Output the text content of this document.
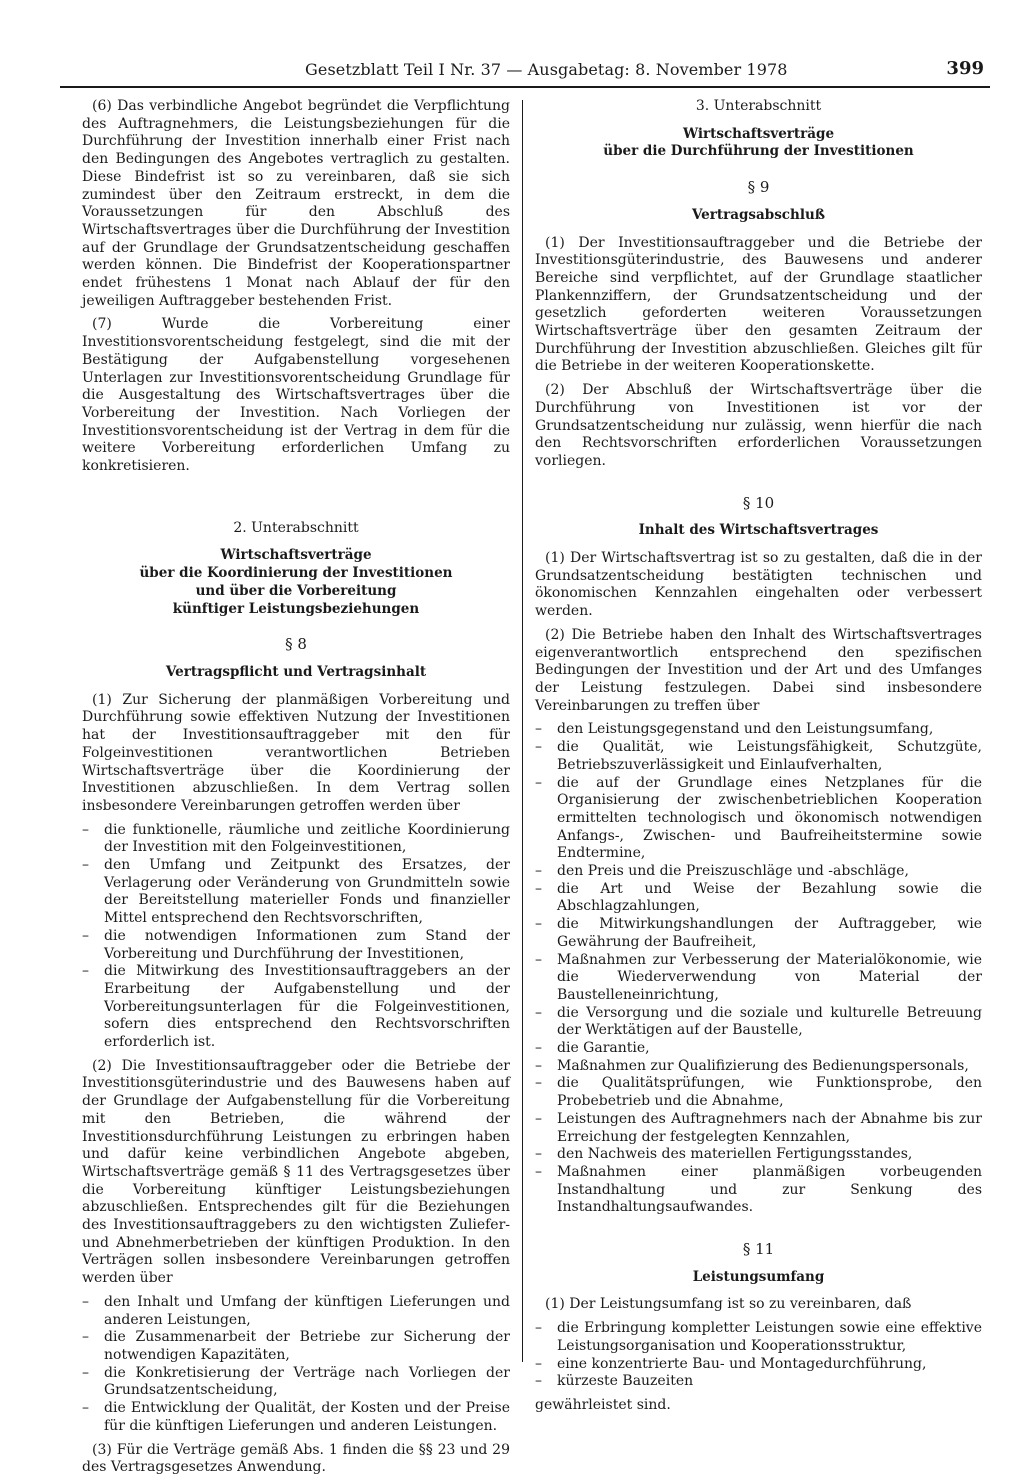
Gesetzblatt Teil I Nr. 37 — Ausgabetag: 8. November 1978	399

(6) Das verbindliche Angebot begründet die Verpflichtung des Auftragnehmers, die Leistungsbeziehungen für die Durchführung der Investition innerhalb einer Frist nach den Bedingungen des Angebotes vertraglich zu gestalten. Diese Bindefrist ist so zu vereinbaren, daß sie sich zumindest über den Zeitraum erstreckt, in dem die Voraussetzungen für den Abschluß des Wirtschaftsvertrages über die Durchführung der Investition auf der Grundlage der Grundsatzentscheidung geschaffen werden können. Die Bindefrist der Kooperationspartner endet frühestens 1 Monat nach Ablauf der für den jeweiligen Auftraggeber bestehenden Frist.

(7) Wurde die Vorbereitung einer Investitionsvorentscheidung festgelegt, sind die mit der Bestätigung der Aufgabenstellung vorgesehenen Unterlagen zur Investitionsvorentscheidung Grundlage für die Ausgestaltung des Wirtschaftsvertrages über die Vorbereitung der Investition. Nach Vorliegen der Investitionsvorentscheidung ist der Vertrag in dem für die weitere Vorbereitung erforderlichen Umfang zu konkretisieren.

2. Unterabschnitt
Wirtschaftsverträge
über die Koordinierung der Investitionen
und über die Vorbereitung
künftiger Leistungsbeziehungen
§ 8
Vertragspflicht und Vertragsinhalt

(1) Zur Sicherung der planmäßigen Vorbereitung und Durchführung sowie effektiven Nutzung der Investitionen hat der Investitionsauftraggeber mit den für Folgeinvestitionen verantwortlichen Betrieben Wirtschaftsverträge über die Koordinierung der Investitionen abzuschließen. In dem Vertrag sollen insbesondere Vereinbarungen getroffen werden über

– die funktionelle, räumliche und zeitliche Koordinierung der Investition mit den Folgeinvestitionen,
– den Umfang und Zeitpunkt des Ersatzes, der Verlagerung oder Veränderung von Grundmitteln sowie der Bereitstellung materieller Fonds und finanzieller Mittel entsprechend den Rechtsvorschriften,
– die notwendigen Informationen zum Stand der Vorbereitung und Durchführung der Investitionen,
– die Mitwirkung des Investitionsauftraggebers an der Erarbeitung der Aufgabenstellung und der Vorbereitungsunterlagen für die Folgeinvestitionen, sofern dies entsprechend den Rechtsvorschriften erforderlich ist.

(2) Die Investitionsauftraggeber oder die Betriebe der Investitionsgüterindustrie und des Bauwesens haben auf der Grundlage der Aufgabenstellung für die Vorbereitung mit den Betrieben, die während der Investitionsdurchführung Leistungen zu erbringen haben und dafür keine verbindlichen Angebote abgeben, Wirtschaftsverträge gemäß § 11 des Vertragsgesetzes über die Vorbereitung künftiger Leistungsbeziehungen abzuschließen. Entsprechendes gilt für die Beziehungen des Investitionsauftraggebers zu den wichtigsten Zuliefer- und Abnehmerbetrieben der künftigen Produktion. In den Verträgen sollen insbesondere Vereinbarungen getroffen werden über

– den Inhalt und Umfang der künftigen Lieferungen und anderen Leistungen,
– die Zusammenarbeit der Betriebe zur Sicherung der notwendigen Kapazitäten,
– die Konkretisierung der Verträge nach Vorliegen der Grundsatzentscheidung,
– die Entwicklung der Qualität, der Kosten und der Preise für die künftigen Lieferungen und anderen Leistungen.

(3) Für die Verträge gemäß Abs. 1 finden die §§ 23 und 29 des Vertragsgesetzes Anwendung.

3. Unterabschnitt
Wirtschaftsverträge
über die Durchführung der Investitionen
§ 9
Vertragsabschluß

(1) Der Investitionsauftraggeber und die Betriebe der Investitionsgüterindustrie, des Bauwesens und anderer Bereiche sind verpflichtet, auf der Grundlage staatlicher Plankennziffern, der Grundsatzentscheidung und der gesetzlich geforderten weiteren Voraussetzungen Wirtschaftsverträge über den gesamten Zeitraum der Durchführung der Investition abzuschließen. Gleiches gilt für die Betriebe in der weiteren Kooperationskette.

(2) Der Abschluß der Wirtschaftsverträge über die Durchführung von Investitionen ist vor der Grundsatzentscheidung nur zulässig, wenn hierfür die nach den Rechtsvorschriften erforderlichen Voraussetzungen vorliegen.

§ 10
Inhalt des Wirtschaftsvertrages

(1) Der Wirtschaftsvertrag ist so zu gestalten, daß die in der Grundsatzentscheidung bestätigten technischen und ökonomischen Kennzahlen eingehalten oder verbessert werden.

(2) Die Betriebe haben den Inhalt des Wirtschaftsvertrages eigenverantwortlich entsprechend den spezifischen Bedingungen der Investition und der Art und des Umfanges der Leistung festzulegen. Dabei sind insbesondere Vereinbarungen zu treffen über

– den Leistungsgegenstand und den Leistungsumfang,
– die Qualität, wie Leistungsfähigkeit, Schutzgüte, Betriebszuverlässigkeit und Einlaufverhalten,
– die auf der Grundlage eines Netzplanes für die Organisierung der zwischenbetrieblichen Kooperation ermittelten technologisch und ökonomisch notwendigen Anfangs-, Zwischen- und Baufreiheitstermine sowie Endtermine,
– den Preis und die Preiszuschläge und -abschläge,
– die Art und Weise der Bezahlung sowie die Abschlagzahlungen,
– die Mitwirkungshandlungen der Auftraggeber, wie Gewährung der Baufreiheit,
– Maßnahmen zur Verbesserung der Materialökonomie, wie die Wiederverwendung von Material der Baustelleneinrichtung,
– die Versorgung und die soziale und kulturelle Betreuung der Werktätigen auf der Baustelle,
– die Garantie,
– Maßnahmen zur Qualifizierung des Bedienungspersonals,
– die Qualitätsprüfungen, wie Funktionsprobe, den Probebetrieb und die Abnahme,
– Leistungen des Auftragnehmers nach der Abnahme bis zur Erreichung der festgelegten Kennzahlen,
– den Nachweis des materiellen Fertigungsstandes,
– Maßnahmen einer planmäßigen vorbeugenden Instandhaltung und zur Senkung des Instandhaltungsaufwandes.
§ 11
Leistungsumfang

(1) Der Leistungsumfang ist so zu vereinbaren, daß

– die Erbringung kompletter Leistungen sowie eine effektive Leistungsorganisation und Kooperationsstruktur,
– eine konzentrierte Bau- und Montagedurchführung,
– kürzeste Bauzeiten
gewährleistet sind.
